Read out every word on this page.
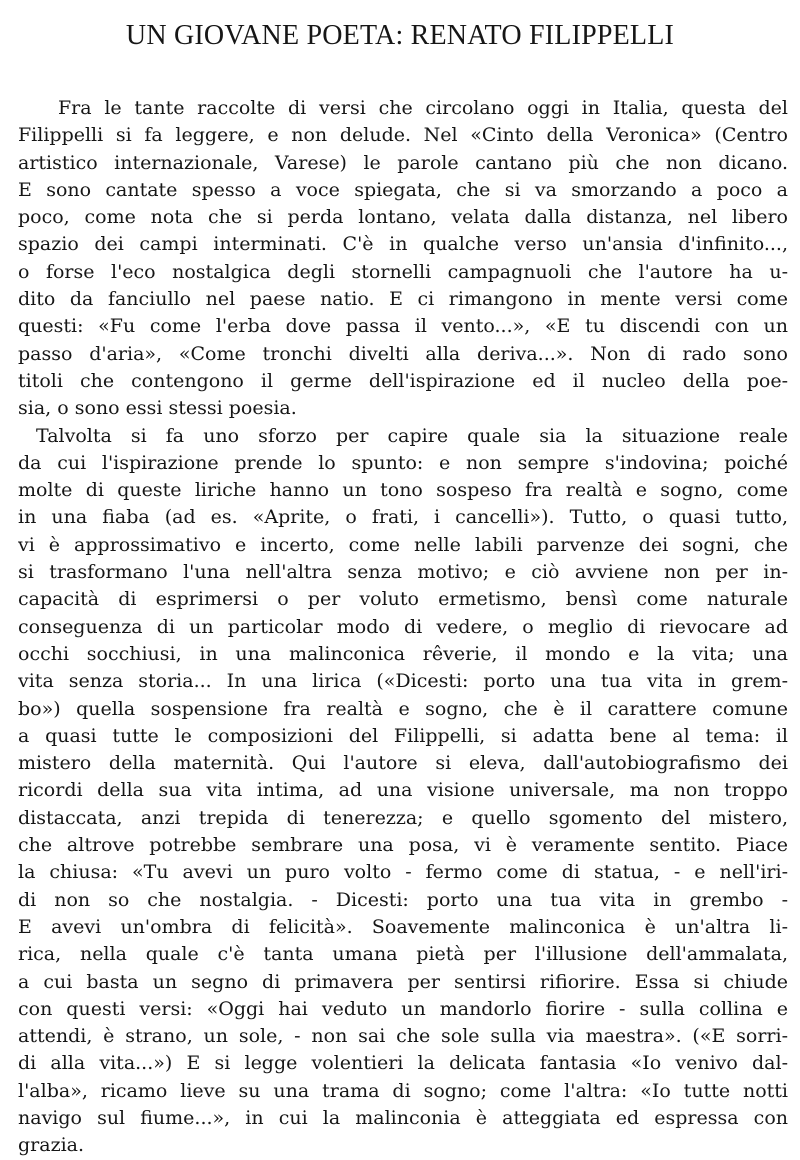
UN GIOVANE POETA: RENATO FILIPPELLI
Fra le tante raccolte di versi che circolano oggi in Italia, questa del
Filippelli si fa leggere, e non delude. Nel «Cinto della Veronica» (Centro
artistico internazionale, Varese) le parole cantano più che non dicano.
E sono cantate spesso a voce spiegata, che si va smorzando a poco a
poco, come nota che si perda lontano, velata dalla distanza, nel libero
spazio dei campi interminati. C'è in qualche verso un'ansia d'infinito...,
o forse l'eco nostalgica degli stornelli campagnuoli che l'autore ha u-
dito da fanciullo nel paese natio. E ci rimangono in mente versi come
questi: «Fu come l'erba dove passa il vento...», «E tu discendi con un
passo d'aria», «Come tronchi divelti alla deriva...». Non di rado sono
titoli che contengono il germe dell'ispirazione ed il nucleo della poe-
sia, o sono essi stessi poesia.
Talvolta si fa uno sforzo per capire quale sia la situazione reale
da cui l'ispirazione prende lo spunto: e non sempre s'indovina; poiché
molte di queste liriche hanno un tono sospeso fra realtà e sogno, come
in una fiaba (ad es. «Aprite, o frati, i cancelli»). Tutto, o quasi tutto,
vi è approssimativo e incerto, come nelle labili parvenze dei sogni, che
si trasformano l'una nell'altra senza motivo; e ciò avviene non per in-
capacità di esprimersi o per voluto ermetismo, bensì come naturale
conseguenza di un particolar modo di vedere, o meglio di rievocare ad
occhi socchiusi, in una malinconica rêverie, il mondo e la vita; una
vita senza storia... In una lirica («Dicesti: porto una tua vita in grem-
bo») quella sospensione fra realtà e sogno, che è il carattere comune
a quasi tutte le composizioni del Filippelli, si adatta bene al tema: il
mistero della maternità. Qui l'autore si eleva, dall'autobiografismo dei
ricordi della sua vita intima, ad una visione universale, ma non troppo
distaccata, anzi trepida di tenerezza; e quello sgomento del mistero,
che altrove potrebbe sembrare una posa, vi è veramente sentito. Piace
la chiusa: «Tu avevi un puro volto - fermo come di statua, - e nell'iri-
di non so che nostalgia. - Dicesti: porto una tua vita in grembo -
E avevi un'ombra di felicità». Soavemente malinconica è un'altra li-
rica, nella quale c'è tanta umana pietà per l'illusione dell'ammalata,
a cui basta un segno di primavera per sentirsi rifiorire. Essa si chiude
con questi versi: «Oggi hai veduto un mandorlo fiorire - sulla collina e
attendi, è strano, un sole, - non sai che sole sulla via maestra». («E sorri-
di alla vita...») E si legge volentieri la delicata fantasia «Io venivo dal-
l'alba», ricamo lieve su una trama di sogno; come l'altra: «Io tutte notti
navigo sul fiume...», in cui la malinconia è atteggiata ed espressa con
grazia.
